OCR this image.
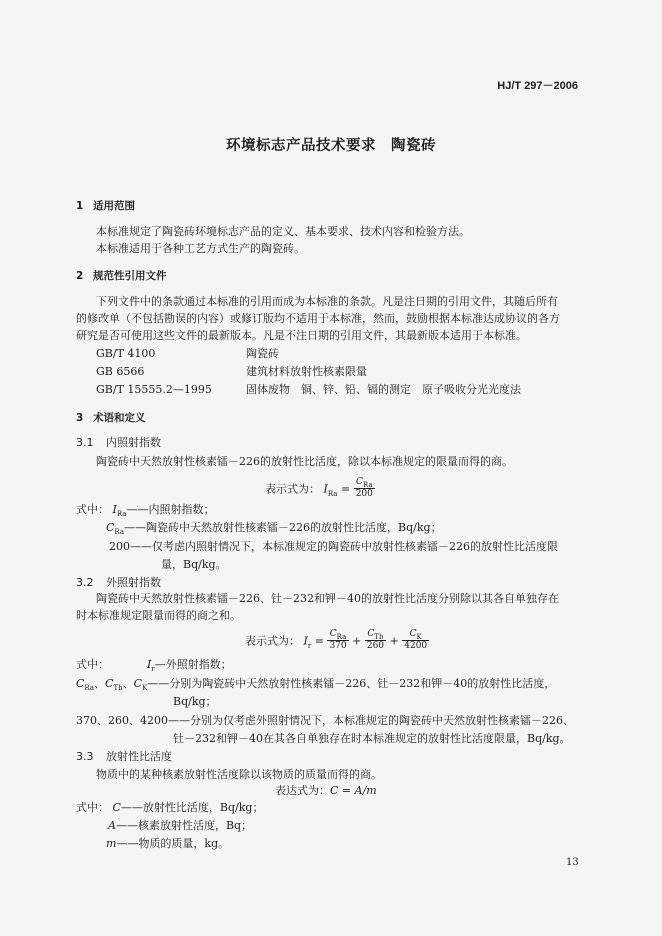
HJ/T 297－2006
环境标志产品技术要求　陶瓷砖
1 适用范围
本标准规定了陶瓷砖环境标志产品的定义、基本要求、技术内容和检验方法。
本标准适用于各种工艺方式生产的陶瓷砖。
2 规范性引用文件
下列文件中的条款通过本标准的引用而成为本标准的条款。凡是注日期的引用文件，其随后所有
的修改单（不包括勘误的内容）或修订版均不适用于本标准，然而，鼓励根据本标准达成协议的各方
研究是否可使用这些文件的最新版本。凡是不注日期的引用文件，其最新版本适用于本标准。
GB/T 4100	陶瓷砖
GB 6566	建筑材料放射性核素限量
GB/T 15555.2—1995	固体废物　铜、锌、铅、镉的测定　原子吸收分光光度法
3 术语和定义
3.1 内照射指数
陶瓷砖中天然放射性核素镭－226的放射性比活度，除以本标准规定的限量而得的商。
表示式为： $I_{Ra} = \frac{C_{Ra}}{200}$
式中： $I_{Ra}——$内照射指数；
$C_{Ra}——$陶瓷砖中天然放射性核素镭－226的放射性比活度，Bq/kg；
200——仅考虑内照射情况下，本标准规定的陶瓷砖中放射性核素镭－226的放射性比活度限
量，Bq/kg。
3.2 外照射指数
陶瓷砖中天然放射性核素镭－226、钍－232和钾－40的放射性比活度分别除以其各自单独存在
时本标准规定限量而得的商之和。
表示式为： $I_r = \frac{C_{Ra}}{370} + \frac{C_{Th}}{260} + \frac{C_K}{4200}$
式中：	$I_r—$外照射指数；
$C_{Ra}$、$C_{Th}$、$C_K——$分别为陶瓷砖中天然放射性核素镭－226、钍－232和钾－40的放射性比活度，
Bq/kg；
370、260、4200——分别为仅考虑外照射情况下，本标准规定的陶瓷砖中天然放射性核素镭－226、
钍－232和钾－40在其各自单独存在时本标准规定的放射性比活度限量，Bq/kg。
3.3 放射性比活度
物质中的某种核素放射性活度除以该物质的质量而得的商。
表达式为：C = A/m
式中： C——放射性比活度，Bq/kg；
A——核素放射性活度，Bq；
m——物质的质量，kg。
13
